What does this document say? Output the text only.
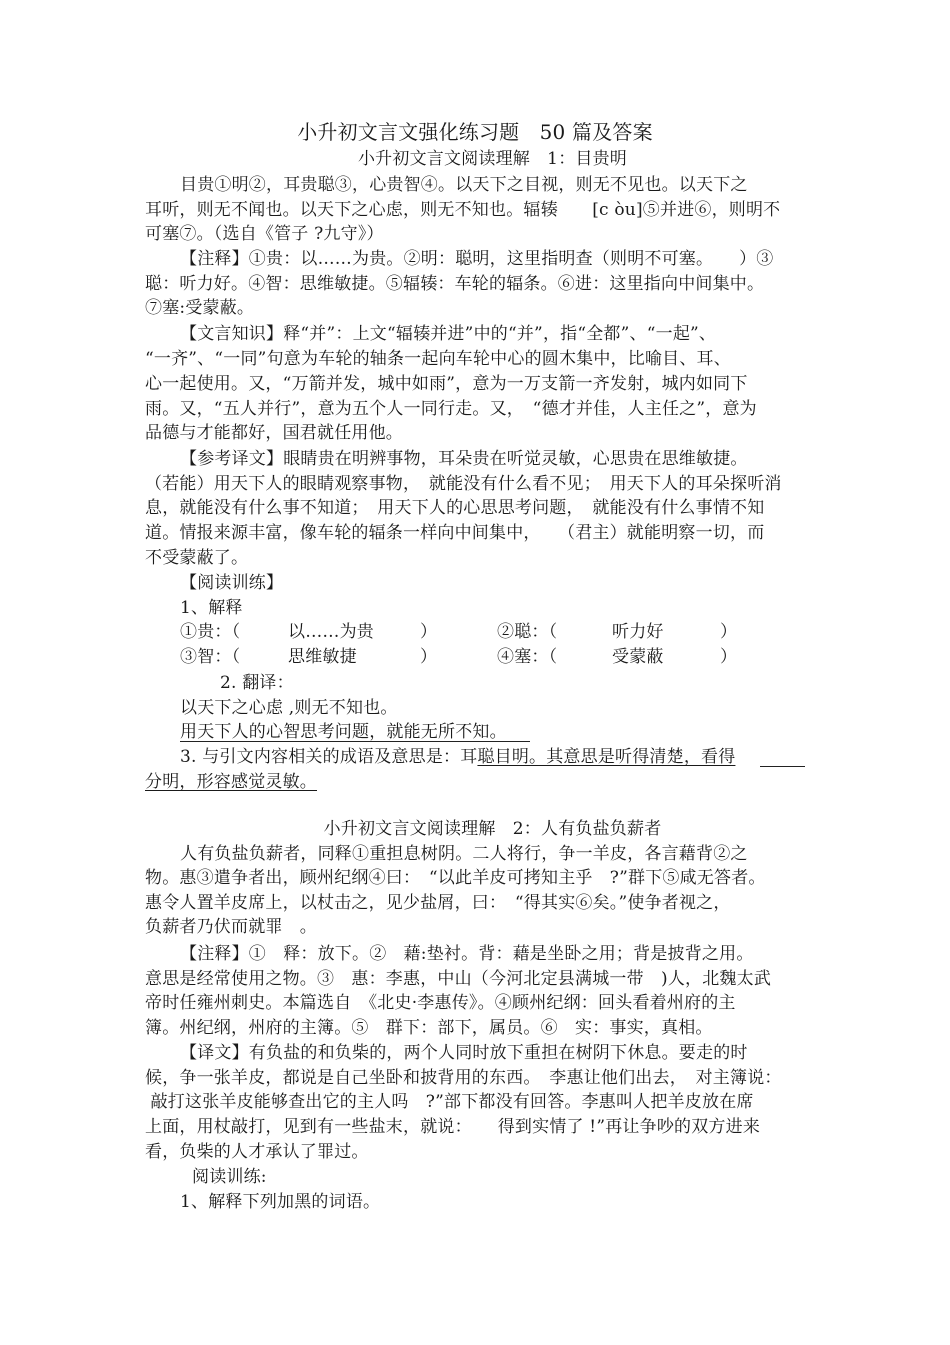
小升初文言文强化练习题　50 篇及答案
小升初文言文阅读理解　1：目贵明
目贵①明②，耳贵聪③，心贵智④。以天下之目视，则无不见也。以天下之
耳听，则无不闻也。以天下之心虑，则无不知也。辐辏　　[c òu]⑤并进⑥，则明不
可塞⑦。（选自《管子 ?九守》）
【注释】①贵：以……为贵。②明：聪明，这里指明查（则明不可塞。　　）③
聪：听力好。④智：思维敏捷。⑤辐辏：车轮的辐条。⑥进：这里指向中间集中。
⑦塞:受蒙蔽。
【文言知识】释“并”：上文“辐辏并进”中的“并”，指“全都”、“一起”、
“一齐”、“一同”句意为车轮的轴条一起向车轮中心的圆木集中，比喻目、耳、
心一起使用。又，“万箭并发，城中如雨”，意为一万支箭一齐发射，城内如同下
雨。又，“五人并行”，意为五个人一同行走。又，　“德才并佳，人主任之”，意为
品德与才能都好，国君就任用他。
【参考译文】眼睛贵在明辨事物，耳朵贵在听觉灵敏，心思贵在思维敏捷。
（若能）用天下人的眼睛观察事物，　就能没有什么看不见；　用天下人的耳朵探听消
息，就能没有什么事不知道；　用天下人的心思思考问题，　就能没有什么事情不知
道。情报来源丰富，像车轮的辐条一样向中间集中，　　（君主）就能明察一切，而
不受蒙蔽了。
【阅读训练】
1、解释
①贵：（	以……为贵	）	②聪：（	听力好	）
③智：（	思维敏捷	）	④塞：（	受蒙蔽	）
2. 翻译：
以天下之心虑 ,则无不知也。
用天下人的心智思考问题，就能无所不知。
3. 与引文内容相关的成语及意思是：耳聪目明。其意思是听得清楚，看得
分明，形容感觉灵敏。
小升初文言文阅读理解　2：人有负盐负薪者
人有负盐负薪者，同释①重担息树阴。二人将行，争一羊皮，各言藉背②之
物。惠③遣争者出，顾州纪纲④曰：　“以此羊皮可拷知主乎　?”群下⑤咸无答者。
惠令人置羊皮席上，以杖击之，见少盐屑，曰：　“得其实⑥矣。”使争者视之，
负薪者乃伏而就罪　。
【注释】①　释：放下。②　藉:垫衬。背：藉是坐卧之用；背是披背之用。
意思是经常使用之物。③　惠：李惠，中山（今河北定县满城一带　)人，北魏太武
帝时任雍州刺史。本篇选自　《北史·李惠传》。④顾州纪纲：回头看着州府的主
簿。州纪纲，州府的主簿。⑤　群下：部下，属员。⑥　实：事实，真相。
【译文】有负盐的和负柴的，两个人同时放下重担在树阴下休息。要走的时
候，争一张羊皮，都说是自己坐卧和披背用的东西。　李惠让他们出去，　对主簿说：
敲打这张羊皮能够查出它的主人吗　?”部下都没有回答。李惠叫人把羊皮放在席
上面，用杖敲打，见到有一些盐末，就说：　　得到实情了 !”再让争吵的双方进来
看，负柴的人才承认了罪过。
阅读训练:
1、解释下列加黑的词语。
